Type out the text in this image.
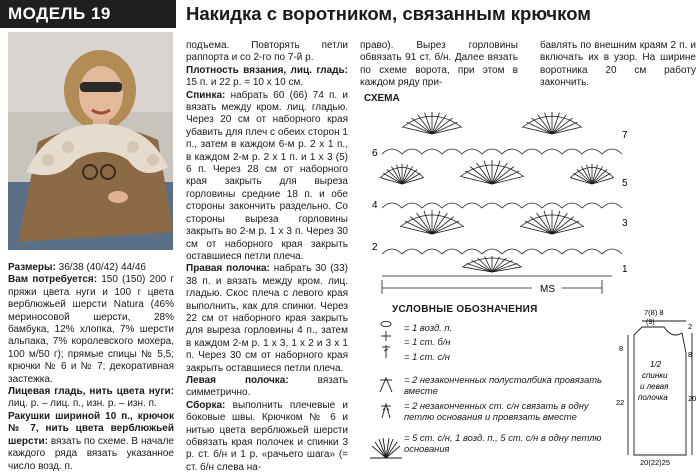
МОДЕЛЬ 19	Накидка с воротником, связанным крючком

Размеры: 36/38 (40/42) 44/46

Вам потребуется: 150 (150) 200 г пряжи цвета нуги и 100 г цвета верблюжьей шерсти Natura (46% мериносовой шерсти, 28% бамбука, 12% хлопка, 7% шерсти альпака, 7% королевского мохера, 100 м/50 г); прямые спицы № 5,5; крючки № 6 и № 7; декоративная застежка.

Лицевая гладь, нить цвета нуги: лиц. р. – лиц. п., изн. р. – изн. п.

Ракушки шириной 10 п., крючок № 7, нить цвета верблюжьей шерсти: вязать по схеме. В начале каждого ряда вязать указанное число возд. п.

подъема. Повторять петли раппорта и со 2-го по 7-й р.

Плотность вязания, лиц. гладь: 15 п. и 22 р. = 10 х 10 см.

Спинка: набрать 60 (66) 74 п. и вязать между кром. лиц. гладью. Через 20 см от наборного края убавить для плеч с обеих сторон 1 п., затем в каждом 6-м р. 2 х 1 п., в каждом 2-м р. 2 х 1 п. и 1 х 3 (5) 6 п. Через 28 см от наборного края закрыть для выреза горловины средние 18 п. и обе стороны закончить раздельно. Со стороны выреза горловины закрыть во 2-м р. 1 х 3 п. Через 30 см от наборного края закрыть оставшиеся петли плеча.

Правая полочка: набрать 30 (33) 38 п. и вязать между кром. лиц. гладью. Скос плеча с левого края выполнить, как для спинки. Через 22 см от наборного края закрыть для выреза горловины 4 п., затем в каждом 2-м р. 1 х 3, 1 х 2 и 3 х 1 п. Через 30 см от наборного края закрыть оставшиеся петли плеча.

Левая полочка:	вязать симметрично.

Сборка: выполнить плечевые и боковые швы. Крючком № 6 и нитью цвета верблюжьей шерсти обвязать края полочек и спинки 3 р. ст. б/н и 1 р. «рачьего шага» (= ст. б/н слева на-

право). Вырез горловины обвязать 91 ст. б/н. Далее вязать по схеме ворота, при этом в каждом ряду при-

СХЕМА

бавлять по внешним краям 2 п. и включать их в узор. На ширине воротника 20 см работу закончить.

6
4
2
7
5
3
1
MS
УСЛОВНЫЕ ОБОЗНАЧЕНИЯ
= 1 возд. п.
= 1 ст. б/н
= 1 ст. с/н
= 2 незаконченных полустолбика провязать вместе
= 2 незаконченных ст. с/н связать в одну петлю основания и провязать вместе
= 5 ст. с/н, 1 возд. п., 5 ст. с/н в одну петлю основания
7(8) 8
(9)
8
22
2
8
20
1/2
спинки
и левая
полочка
20(22)25
